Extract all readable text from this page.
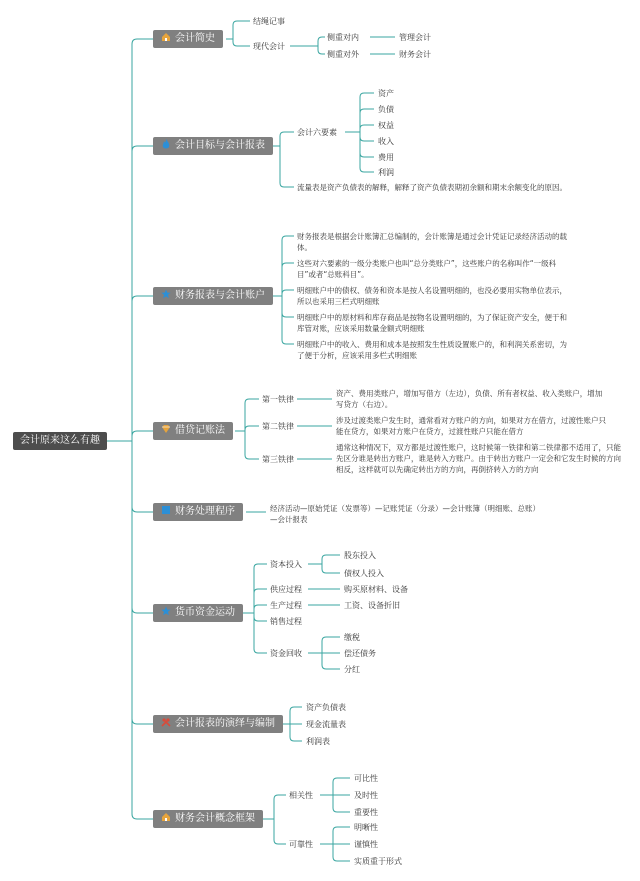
会计原来这么有趣
会计简史
结绳记事
现代会计
侧重对内
侧重对外
管理会计
财务会计
会计目标与会计报表
会计六要素
资产
负债
权益
收入
费用
利润
流量表是资产负债表的解释，解释了资产负债表期初余额和期末余额变化的原因。
财务报表与会计账户
财务报表是根据会计账簿汇总编制的，会计账簿是通过会计凭证记录经济活动的载体。
这些对六要素的一级分类账户也叫“总分类账户”，这些账户的名称叫作“一级科目”或者“总账科目”。
明细账户中的债权、债务和资本是按人名设置明细的，也没必要用实物单位表示，所以也采用三栏式明细账
明细账户中的原材料和库存商品是按物名设置明细的，为了保证资产安全，便于和库管对账，应该采用数量金额式明细账
明细账户中的收入、费用和成本是按照发生性质设置账户的，和利润关系密切，为了便于分析，应该采用多栏式明细账
借贷记账法
第一铁律
第二铁律
第三铁律
资产、费用类账户，增加写借方（左边），负债、所有者权益、收入类账户，增加写贷方（右边）。
涉及过渡类账户发生时，通常看对方账户的方向，如果对方在借方，过渡性账户只能在贷方，如果对方账户在贷方，过渡性账户只能在借方
通常这种情况下，双方都是过渡性账户，这时候第一铁律和第二铁律都不适用了，只能先区分谁是转出方账户，谁是转入方账户。由于转出方账户一定会和它发生时候的方向相反，这样就可以先确定转出方的方向，再倒挤转入方的方向
财务处理程序	经济活动—原始凭证（发票等）—记账凭证（分录）—会计账簿（明细账、总账）—会计报表
货币资金运动
资本投入
股东投入
债权人投入
供应过程	购买原材料、设备
生产过程	工资、设备折旧
销售过程
资金回收
缴税
偿还债务
分红
会计报表的演绎与编制
资产负债表
现金流量表
利润表
财务会计概念框架
相关性
可比性
及时性
重要性
可靠性
明晰性
谨慎性
实质重于形式
